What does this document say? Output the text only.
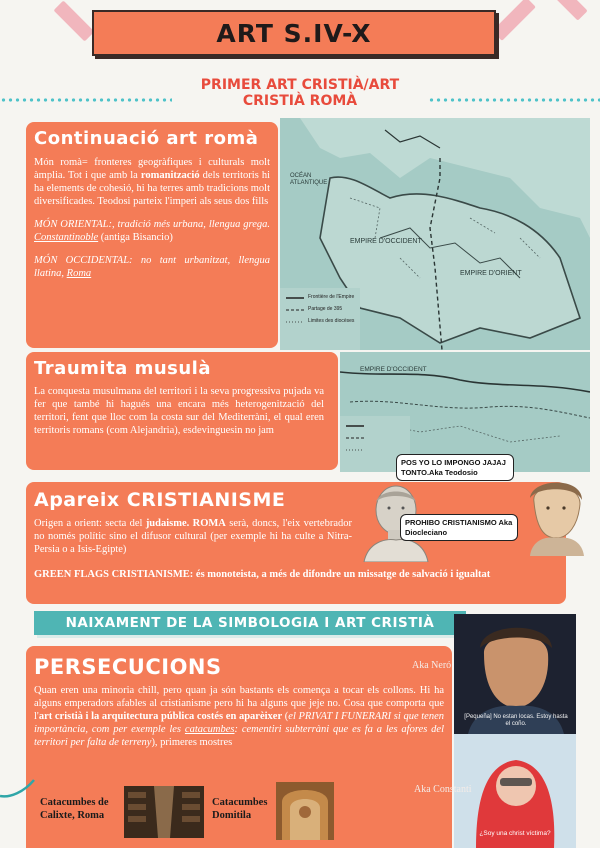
ART S.IV-X
PRIMER ART CRISTIÀ/ART CRISTIÀ ROMÀ
OCÉAN ATLANTIQUE
EMPIRE D'OCCIDENT
EMPIRE D'ORIENT
Frontière de l'Empire
Partage de 395
Limites des diocèses
Continuació art romà

Món romà= fronteres geogràfiques i culturals molt àmplia. Tot i que amb la romanització dels territoris hi ha elements de cohesió, hi ha terres amb tradicions molt diversificades. Teodosi parteix l'imperi als seus dos fills

MÓN ORIENTAL:, tradició més urbana, llengua grega. Constantinoble (antiga Bisancio)

MÓN OCCIDENTAL: no tant urbanitzat, llengua llatina, Roma

EMPIRE D'OCCIDENT
Traumita musulà

La conquesta musulmana del territori i la seva progressiva pujada va fer que també hi hagués una encara més heterogenització del territori, fent que lloc com la costa sur del Mediterràni, el qual eren territoris romans (com Alejandria), esdevinguesin no jam

Apareix CRISTIANISME

Origen a orient: secta del judaisme. ROMA serà, doncs, l'eix vertebrador no només polític sino el difusor cultural (per exemple hi ha culte a Nitra-Persia o a Isis-Egipte)

GREEN FLAGS CRISTIANISME: és monoteista, a més de difondre un missatge de salvació i igualtat

POS YO LO IMPONGO JAJAJ TONTO.Aka Teodosio
PROHIBO CRISTIANISMO Aka Diocleciano
NAIXAMENT DE LA SIMBOLOGIA I ART CRISTIÀ
PERSECUCIONS

Quan eren una minoria chill, pero quan ja són bastants els comença a tocar els collons. Hi ha alguns emperadors afables al cristianisme pero hi ha alguns que jeje no. Cosa que comporta que l'art cristià i la arquitectura pública costés en aparèixer (el PRIVAT I FUNERARI si que tenen importància, com per exemple les catacumbes: cementiri subterràni que es fa a les afores del territori per falta de terreny), primeres mostres

Catacumbes de Calixte, Roma
Catacumbes Domitila
[Pequeña] No estan locas. Estoy hasta el coño.
Aka Neró
¿Soy una christ víctima?
Aka Constanti
